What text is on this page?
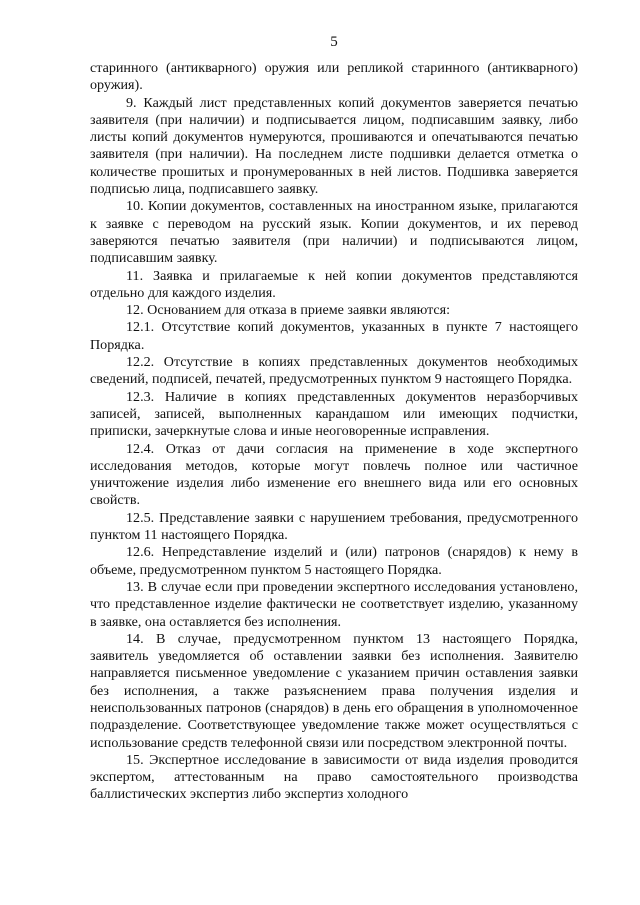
5

старинного (антикварного) оружия или репликой старинного (антикварного) оружия).

9. Каждый лист представленных копий документов заверяется печатью заявителя (при наличии) и подписывается лицом, подписавшим заявку, либо листы копий документов нумеруются, прошиваются и опечатываются печатью заявителя (при наличии). На последнем листе подшивки делается отметка о количестве прошитых и пронумерованных в ней листов. Подшивка заверяется подписью лица, подписавшего заявку.

10. Копии документов, составленных на иностранном языке, прилагаются к заявке с переводом на русский язык. Копии документов, и их перевод заверяются печатью заявителя (при наличии) и подписываются лицом, подписавшим заявку.

11. Заявка и прилагаемые к ней копии документов представляются отдельно для каждого изделия.

12. Основанием для отказа в приеме заявки являются:

12.1. Отсутствие копий документов, указанных в пункте 7 настоящего Порядка.

12.2. Отсутствие в копиях представленных документов необходимых сведений, подписей, печатей, предусмотренных пунктом 9 настоящего Порядка.

12.3. Наличие в копиях представленных документов неразборчивых записей, записей, выполненных карандашом или имеющих подчистки, приписки, зачеркнутые слова и иные неоговоренные исправления.

12.4. Отказ от дачи согласия на применение в ходе экспертного исследования методов, которые могут повлечь полное или частичное уничтожение изделия либо изменение его внешнего вида или его основных свойств.

12.5. Представление заявки с нарушением требования, предусмотренного пунктом 11 настоящего Порядка.

12.6. Непредставление изделий и (или) патронов (снарядов) к нему в объеме, предусмотренном пунктом 5 настоящего Порядка.

13. В случае если при проведении экспертного исследования установлено, что представленное изделие фактически не соответствует изделию, указанному в заявке, она оставляется без исполнения.

14. В случае, предусмотренном пунктом 13 настоящего Порядка, заявитель уведомляется об оставлении заявки без исполнения. Заявителю направляется письменное уведомление с указанием причин оставления заявки без исполнения, а также разъяснением права получения изделия и неиспользованных патронов (снарядов) в день его обращения в уполномоченное подразделение. Соответствующее уведомление также может осуществляться с использование средств телефонной связи или посредством электронной почты.

15. Экспертное исследование в зависимости от вида изделия проводится экспертом, аттестованным на право самостоятельного производства баллистических экспертиз либо экспертиз холодного
